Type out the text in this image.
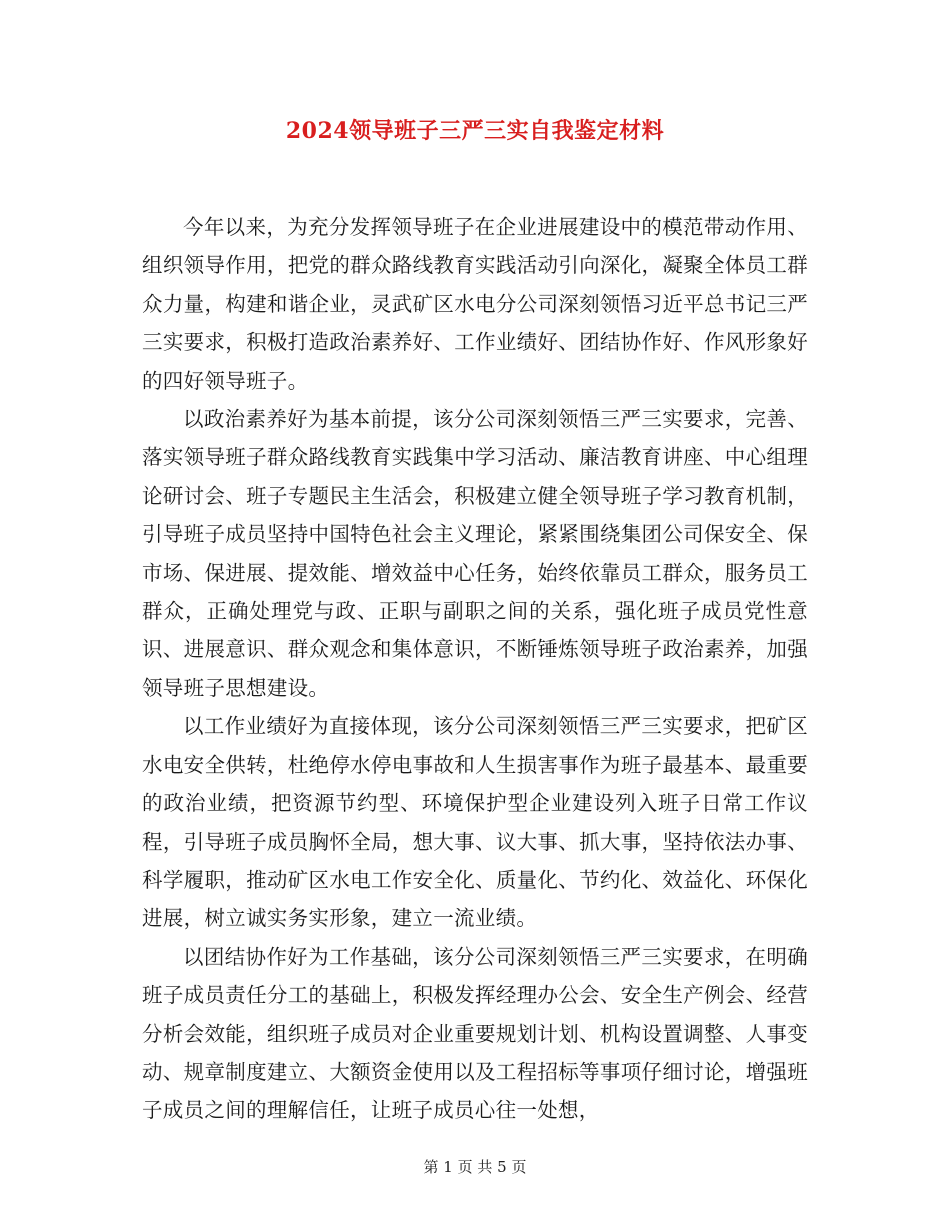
2024领导班子三严三实自我鉴定材料

今年以来，为充分发挥领导班子在企业进展建设中的模范带动作用、组织领导作用，把党的群众路线教育实践活动引向深化，凝聚全体员工群众力量，构建和谐企业，灵武矿区水电分公司深刻领悟习近平总书记三严三实要求，积极打造政治素养好、工作业绩好、团结协作好、作风形象好的四好领导班子。

以政治素养好为基本前提，该分公司深刻领悟三严三实要求，完善、落实领导班子群众路线教育实践集中学习活动、廉洁教育讲座、中心组理论研讨会、班子专题民主生活会，积极建立健全领导班子学习教育机制，引导班子成员坚持中国特色社会主义理论，紧紧围绕集团公司保安全、保市场、保进展、提效能、增效益中心任务，始终依靠员工群众，服务员工群众，正确处理党与政、正职与副职之间的关系，强化班子成员党性意识、进展意识、群众观念和集体意识，不断锤炼领导班子政治素养，加强领导班子思想建设。

以工作业绩好为直接体现，该分公司深刻领悟三严三实要求，把矿区水电安全供转，杜绝停水停电事故和人生损害事作为班子最基本、最重要的政治业绩，把资源节约型、环境保护型企业建设列入班子日常工作议程，引导班子成员胸怀全局，想大事、议大事、抓大事，坚持依法办事、科学履职，推动矿区水电工作安全化、质量化、节约化、效益化、环保化进展，树立诚实务实形象，建立一流业绩。

以团结协作好为工作基础，该分公司深刻领悟三严三实要求，在明确班子成员责任分工的基础上，积极发挥经理办公会、安全生产例会、经营分析会效能，组织班子成员对企业重要规划计划、机构设置调整、人事变动、规章制度建立、大额资金使用以及工程招标等事项仔细讨论，增强班子成员之间的理解信任，让班子成员心往一处想，

第 1 页 共 5 页
